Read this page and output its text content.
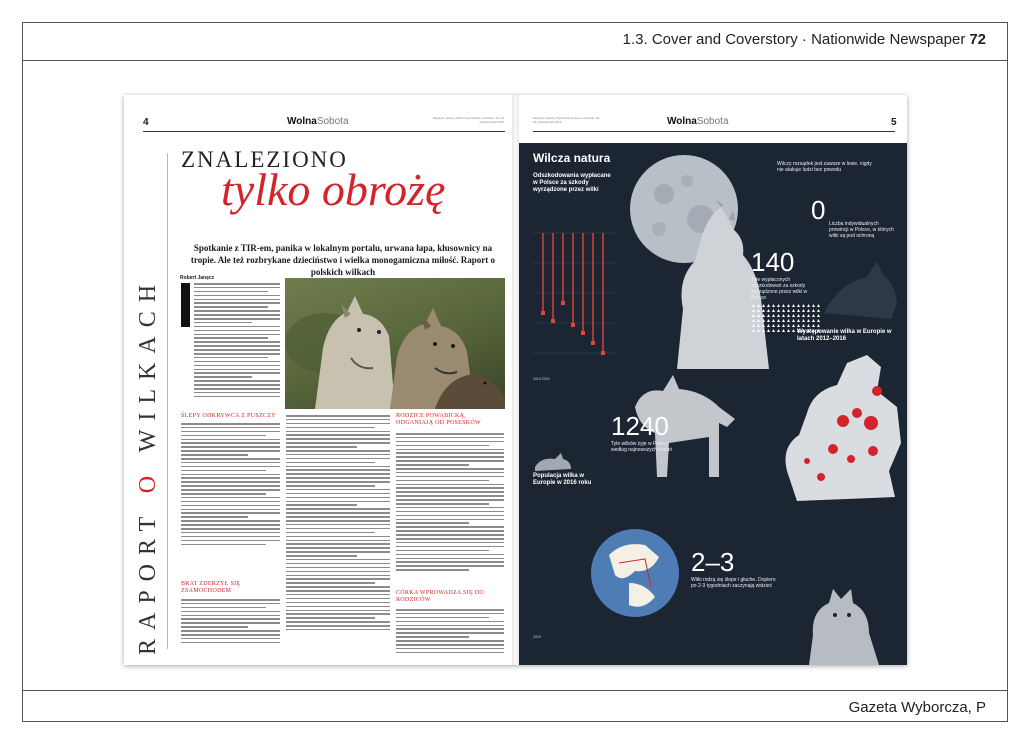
1.3. Cover and Coverstory · Nationwide Newspaper 72
Gazeta Wyborcza, P
4	WolnaSobota	Magazyn Gazety Wyborczej Sobota–niedziela, 22–23 października 2016
RAPORT O WILKACH
ZNALEZIONO
tylko obrożę
Spotkanie z TIR-em, panika w lokalnym portalu, urwana łapa, kłusownicy na tropie. Ale też rozbrykane dzieciństwo i wielka monogamiczna miłość. Raport o polskich wilkach
Robert Janęcz
ŚLEPY ODKRYWCA Z PUSZCZY
BRAT ZDERZYŁ SIĘ ZSAMOCHODEM
RODZICE POWABICKĄ, ODGANIAJĄ OD POSESKÓW
CÓRKA WPROWADZA SIĘ DO RODZICÓW
Magazyn Gazety Wyborczej Sobota–niedziela, 22–23 października 2016	WolnaSobota	5
Wilcza natura
Odszkodowania wypłacane w Polsce za szkody wyrządzone przez wilki
2010 2016
0 Liczba indywidualnych prowincji w Polsce, w których wilki są pod ochroną
Wilczy rozsądek jest zawsze w lesie, nigdy nie atakuje ludzi bez powodu
140
Tyle wypłaconych odszkodowań za szkody wyrządzone przez wilki w Polsce
1240
Tyle wilków żyje w Polsce według najnowszych badań
Populacja wilka w Europie w 2016 roku
Występowanie wilka w Europie w latach 2012–2016
2–3
Wilki rodzą się ślepe i głuche. Dopiero po 2-3 tygodniach zaczynają widzieć
2015
